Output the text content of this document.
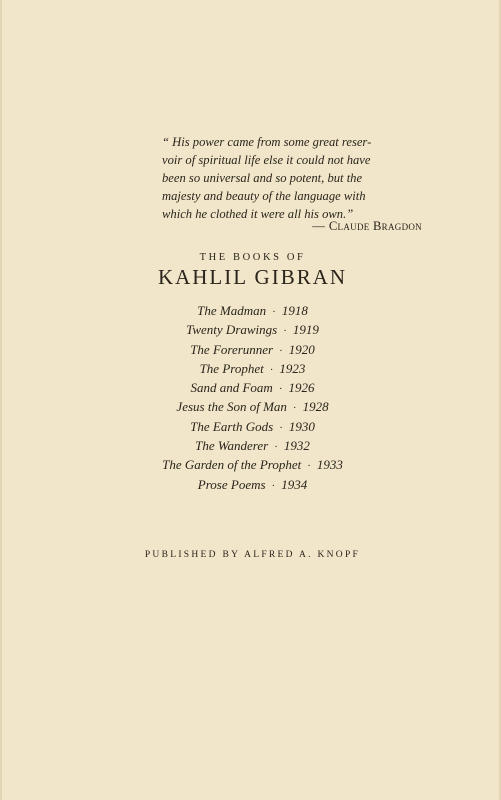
“ His power came from some great reser-
voir of spiritual life else it could not have
been so universal and so potent, but the
majesty and beauty of the language with
which he clothed it were all his own.”
— Claude Bragdon
THE BOOKS OF
KAHLIL GIBRAN
The Madman · 1918
Twenty Drawings · 1919
The Forerunner · 1920
The Prophet · 1923
Sand and Foam · 1926
Jesus the Son of Man · 1928
The Earth Gods · 1930
The Wanderer · 1932
The Garden of the Prophet · 1933
Prose Poems · 1934
PUBLISHED BY ALFRED A. KNOPF
